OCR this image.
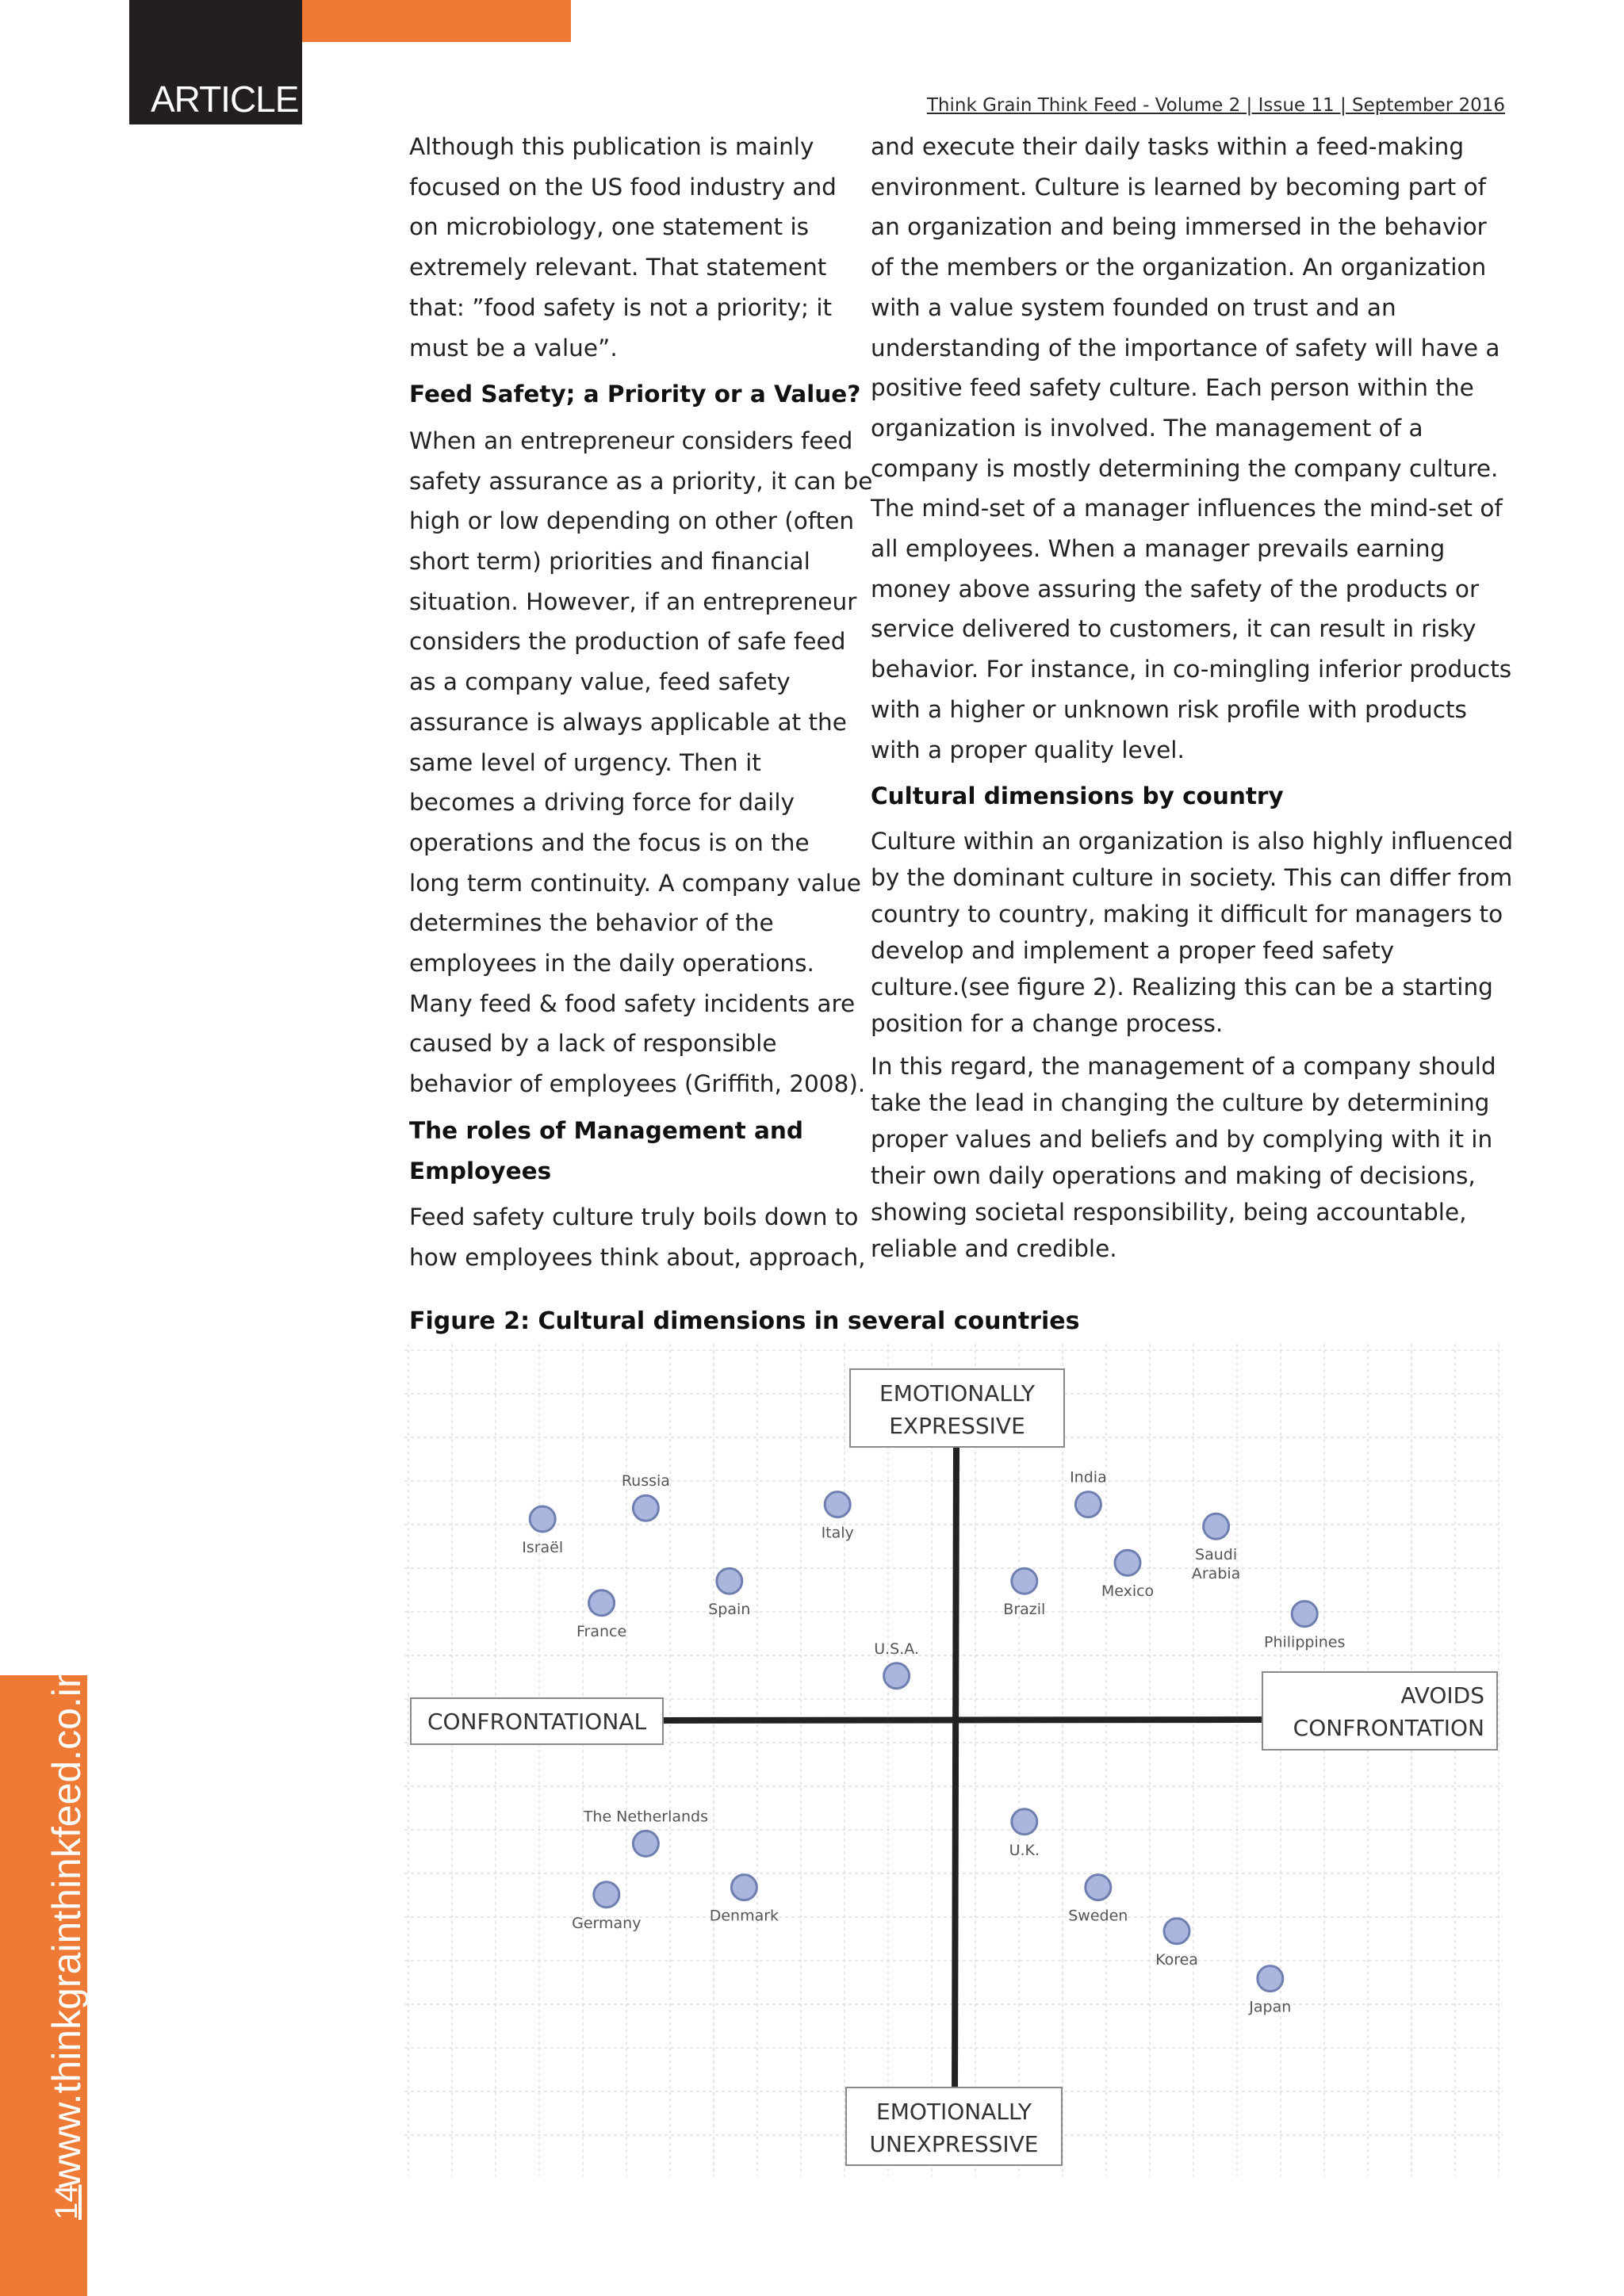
ARTICLE	Think Grain Think Feed - Volume 2 | Issue 11 | September 2016
www.thinkgrainthinkfeed.co.in
14

Although this publication is mainly
focused on the US food industry and
on microbiology, one statement is
extremely relevant. That statement
that: ”food safety is not a priority; it
must be a value”.

Feed Safety; a Priority or a Value?

When an entrepreneur considers feed
safety assurance as a priority, it can be
high or low depending on other (often
short term) priorities and financial
situation. However, if an entrepreneur
considers the production of safe feed
as a company value, feed safety
assurance is always applicable at the
same level of urgency. Then it
becomes a driving force for daily
operations and the focus is on the
long term continuity. A company value
determines the behavior of the
employees in the daily operations.
Many feed & food safety incidents are
caused by a lack of responsible
behavior of employees (Griffith, 2008).

The roles of Management and
Employees

Feed safety culture truly boils down to
how employees think about, approach,

and execute their daily tasks within a feed-making
environment. Culture is learned by becoming part of
an organization and being immersed in the behavior
of the members or the organization. An organization
with a value system founded on trust and an
understanding of the importance of safety will have a
positive feed safety culture. Each person within the
organization is involved. The management of a
company is mostly determining the company culture.
The mind-set of a manager influences the mind-set of
all employees. When a manager prevails earning
money above assuring the safety of the products or
service delivered to customers, it can result in risky
behavior. For instance, in co-mingling inferior products
with a higher or unknown risk profile with products
with a proper quality level.

Cultural dimensions by country

Culture within an organization is also highly influenced
by the dominant culture in society. This can differ from
country to country, making it difficult for managers to
develop and implement a proper feed safety
culture.(see figure 2). Realizing this can be a starting
position for a change process.

In this regard, the management of a company should
take the lead in changing the culture by determining
proper values and beliefs and by complying with it in
their own daily operations and making of decisions,
showing societal responsibility, being accountable,
reliable and credible.

Figure 2: Cultural dimensions in several countries
EMOTIONALLY
EXPRESSIVE
EMOTIONALLY
UNEXPRESSIVE
CONFRONTATIONAL
AVOIDS
CONFRONTATION
Israël
Russia
Italy
Spain
France
U.S.A.
India
Brazil
Mexico
Saudi
Arabia
Philippines
The Netherlands
Germany	Denmark
U.K.
Sweden
Korea
Japan
